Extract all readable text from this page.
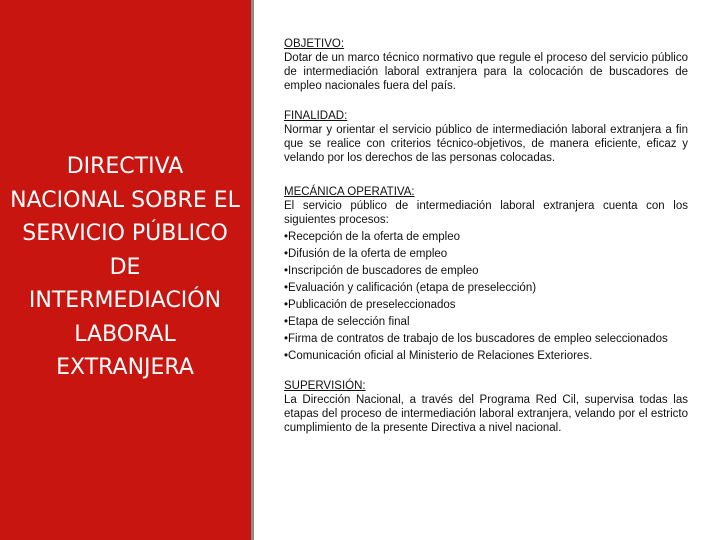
DIRECTIVA
NACIONAL SOBRE EL
SERVICIO PÚBLICO
DE
INTERMEDIACIÓN
LABORAL
EXTRANJERA
OBJETIVO:
Dotar de un marco técnico normativo que regule el proceso del servicio público de intermediación laboral extranjera para la colocación de buscadores de empleo nacionales fuera del país.
FINALIDAD:
Normar y orientar el servicio público de intermediación laboral extranjera a fin que se realice con criterios técnico-objetivos, de manera eficiente, eficaz y velando por los derechos de las personas colocadas.
MECÁNICA OPERATIVA:
El servicio público de intermediación laboral extranjera cuenta con los siguientes procesos:
•Recepción de la oferta de empleo
•Difusión de la oferta de empleo
•Inscripción de buscadores de empleo
•Evaluación y calificación (etapa de preselección)
•Publicación de preseleccionados
•Etapa de selección final
•Firma de contratos de trabajo de los buscadores de empleo seleccionados
•Comunicación oficial al Ministerio de Relaciones Exteriores.
SUPERVISIÓN:
La Dirección Nacional, a través del Programa Red Cil, supervisa todas las etapas del proceso de intermediación laboral extranjera, velando por el estricto cumplimiento de la presente Directiva a nivel nacional.
